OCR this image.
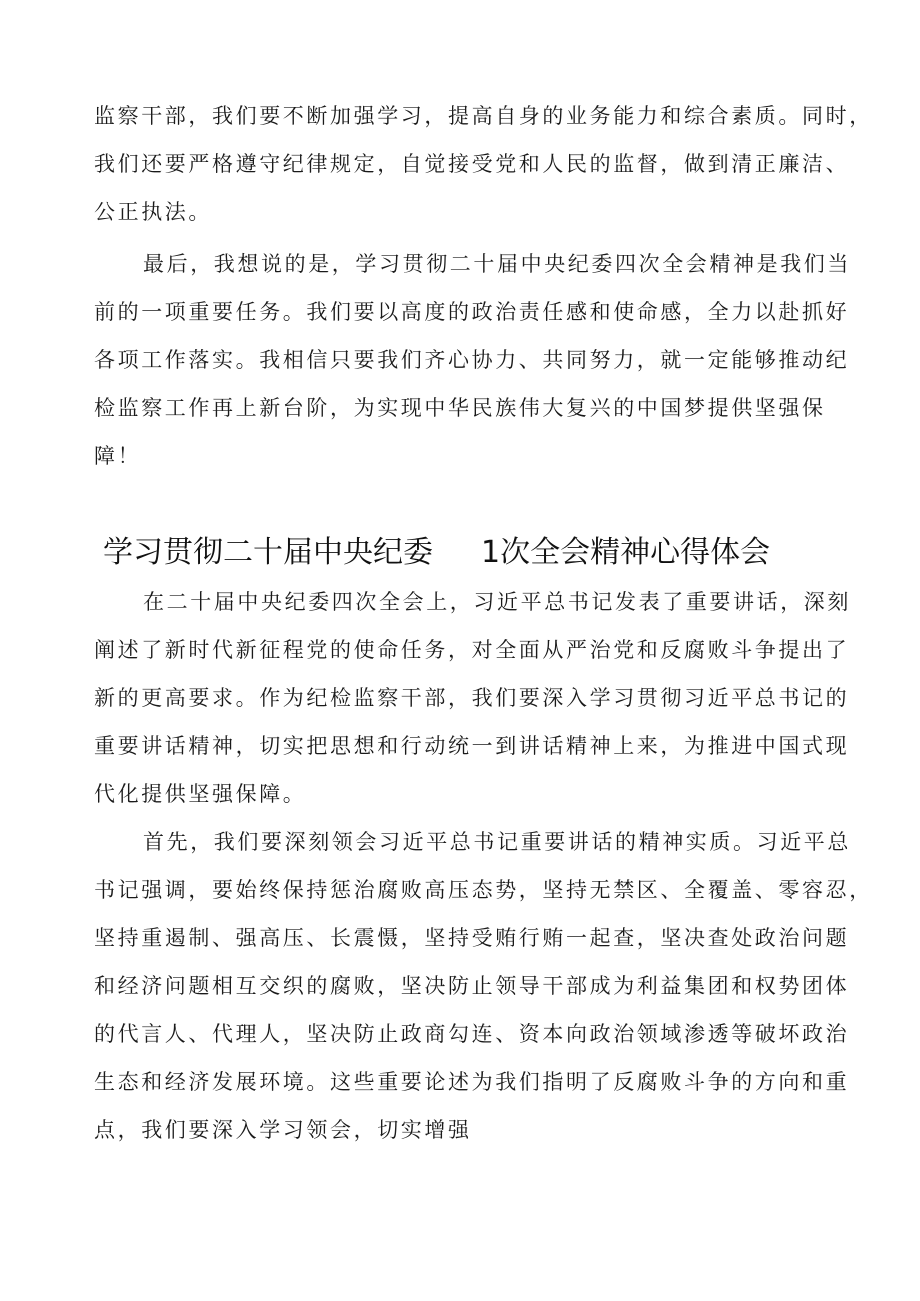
监察干部，我们要不断加强学习，提高自身的业务能力和综合素质。同时，
我们还要严格遵守纪律规定，自觉接受党和人民的监督，做到清正廉洁、
公正执法。
最后，我想说的是，学习贯彻二十届中央纪委四次全会精神是我们当
前的一项重要任务。我们要以高度的政治责任感和使命感，全力以赴抓好
各项工作落实。我相信只要我们齐心协力、共同努力，就一定能够推动纪
检监察工作再上新台阶，为实现中华民族伟大复兴的中国梦提供坚强保
障！
学习贯彻二十届中央纪委 1次全会精神心得体会
在二十届中央纪委四次全会上，习近平总书记发表了重要讲话，深刻
阐述了新时代新征程党的使命任务，对全面从严治党和反腐败斗争提出了
新的更高要求。作为纪检监察干部，我们要深入学习贯彻习近平总书记的
重要讲话精神，切实把思想和行动统一到讲话精神上来，为推进中国式现
代化提供坚强保障。
首先，我们要深刻领会习近平总书记重要讲话的精神实质。习近平总
书记强调，要始终保持惩治腐败高压态势，坚持无禁区、全覆盖、零容忍，
坚持重遏制、强高压、长震慑，坚持受贿行贿一起查，坚决查处政治问题
和经济问题相互交织的腐败，坚决防止领导干部成为利益集团和权势团体
的代言人、代理人，坚决防止政商勾连、资本向政治领域渗透等破坏政治
生态和经济发展环境。这些重要论述为我们指明了反腐败斗争的方向和重
点，我们要深入学习领会，切实增强
